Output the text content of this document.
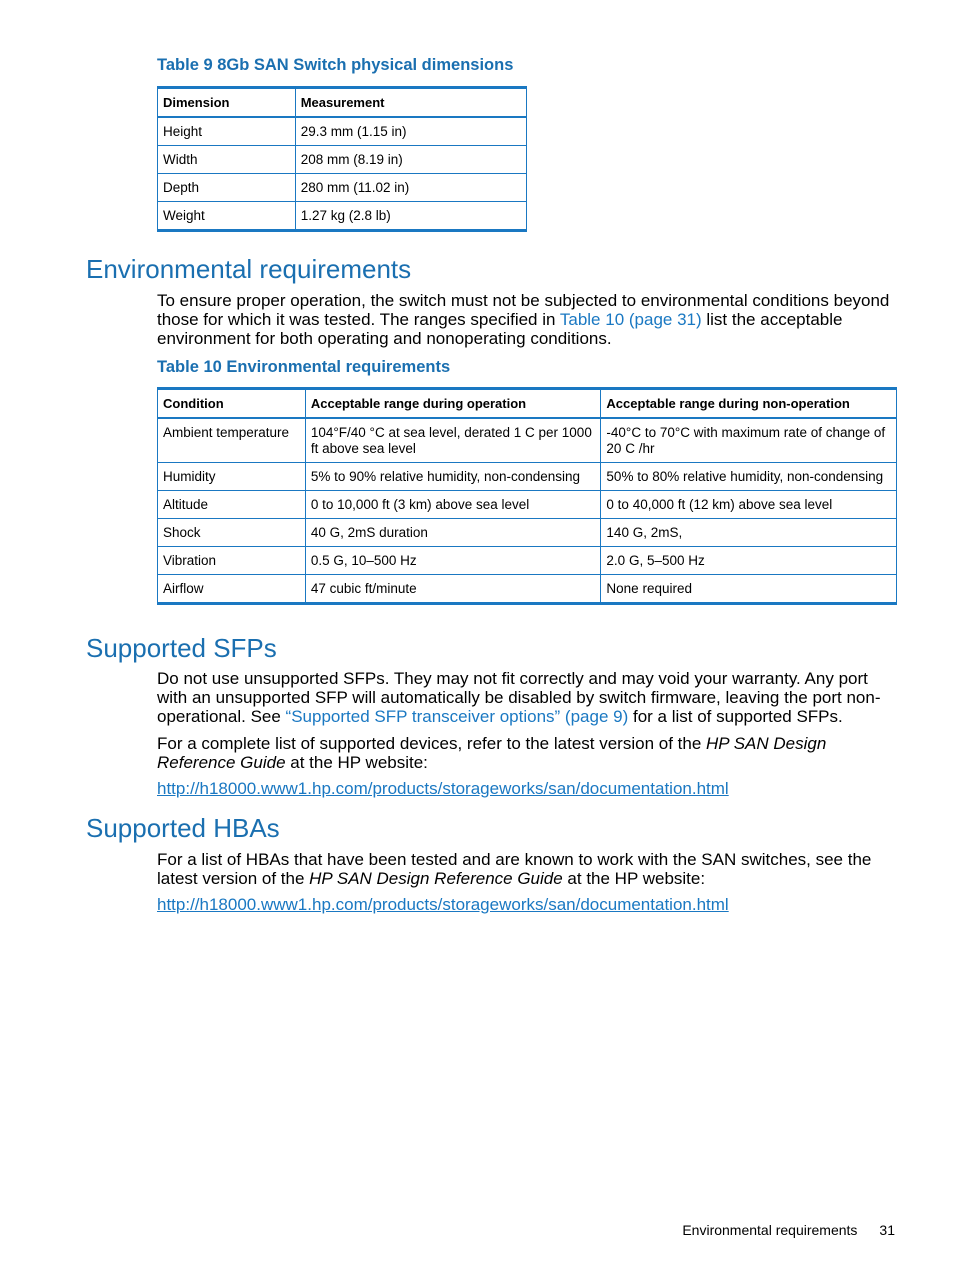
Table 9 8Gb SAN Switch physical dimensions

Dimension	Measurement
Height	29.3 mm (1.15 in)
Width	208 mm (8.19 in)
Depth	280 mm (11.02 in)
Weight	1.27 kg (2.8 lb)
Environmental requirements

To ensure proper operation, the switch must not be subjected to environmental conditions beyond those for which it was tested. The ranges specified in Table 10 (page 31) list the acceptable environment for both operating and nonoperating conditions.

Table 10 Environmental requirements

Condition	Acceptable range during operation	Acceptable range during non-operation
Ambient temperature	104°F/40 °C at sea level, derated 1 C per 1000 ft above sea level	-40°C to 70°C with maximum rate of change of 20 C /hr
Humidity	5% to 90% relative humidity, non-condensing	50% to 80% relative humidity, non-condensing
Altitude	0 to 10,000 ft (3 km) above sea level	0 to 40,000 ft (12 km) above sea level
Shock	40 G, 2mS duration	140 G, 2mS,
Vibration	0.5 G, 10–500 Hz	2.0 G, 5–500 Hz
Airflow	47 cubic ft/minute	None required
Supported SFPs

Do not use unsupported SFPs. They may not fit correctly and may void your warranty. Any port with an unsupported SFP will automatically be disabled by switch firmware, leaving the port non-operational. See “Supported SFP transceiver options” (page 9) for a list of supported SFPs.

For a complete list of supported devices, refer to the latest version of the HP SAN Design Reference Guide at the HP website:

http://h18000.www1.hp.com/products/storageworks/san/documentation.html

Supported HBAs

For a list of HBAs that have been tested and are known to work with the SAN switches, see the latest version of the HP SAN Design Reference Guide at the HP website:

http://h18000.www1.hp.com/products/storageworks/san/documentation.html

Environmental requirements 31
